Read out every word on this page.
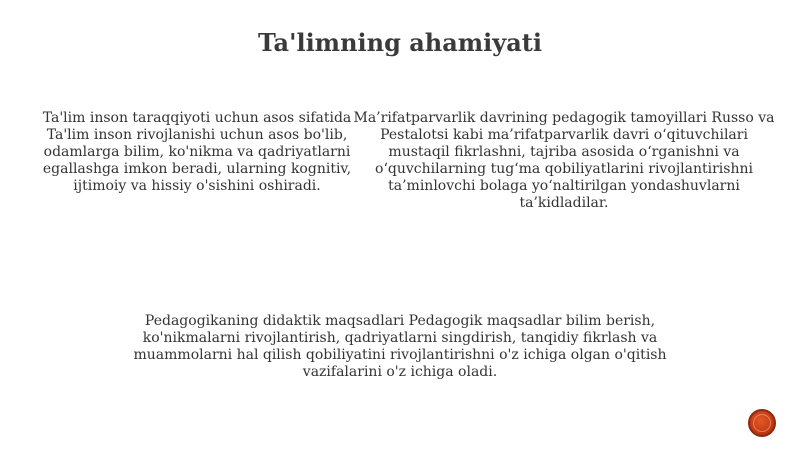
Ta'limning ahamiyati

Ta'lim inson taraqqiyoti uchun asos sifatida Ta'lim inson rivojlanishi uchun asos bo'lib, odamlarga bilim, ko'nikma va qadriyatlarni egallashga imkon beradi, ularning kognitiv, ijtimoiy va hissiy o'sishini oshiradi.

Ma’rifatparvarlik davrining pedagogik tamoyillari Russo va Pestalotsi kabi ma’rifatparvarlik davri o‘qituvchilari mustaqil fikrlashni, tajriba asosida o‘rganishni va o‘quvchilarning tug‘ma qobiliyatlarini rivojlantirishni ta’minlovchi bolaga yo‘naltirilgan yondashuvlarni ta’kidladilar.

Pedagogikaning didaktik maqsadlari Pedagogik maqsadlar bilim berish, ko'nikmalarni rivojlantirish, qadriyatlarni singdirish, tanqidiy fikrlash va muammolarni hal qilish qobiliyatini rivojlantirishni o'z ichiga olgan o'qitish vazifalarini o'z ichiga oladi.
